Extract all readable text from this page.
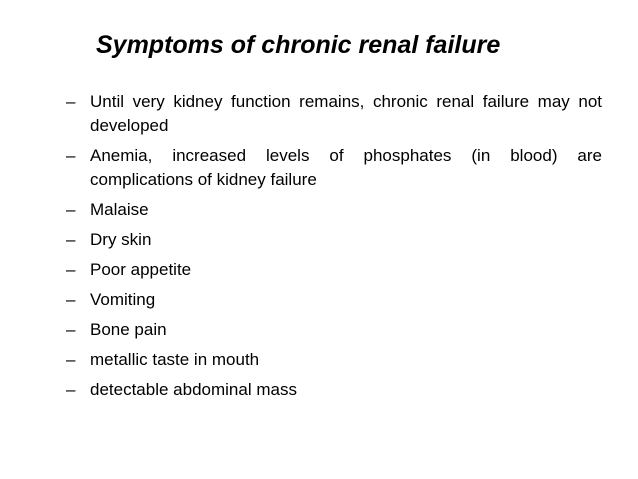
Symptoms of chronic renal failure
– Until very kidney function remains, chronic renal failure may not developed
– Anemia, increased levels of phosphates (in blood) are complications of kidney failure
– Malaise
– Dry skin
– Poor appetite
– Vomiting
– Bone pain
– metallic taste in mouth
– detectable abdominal mass
